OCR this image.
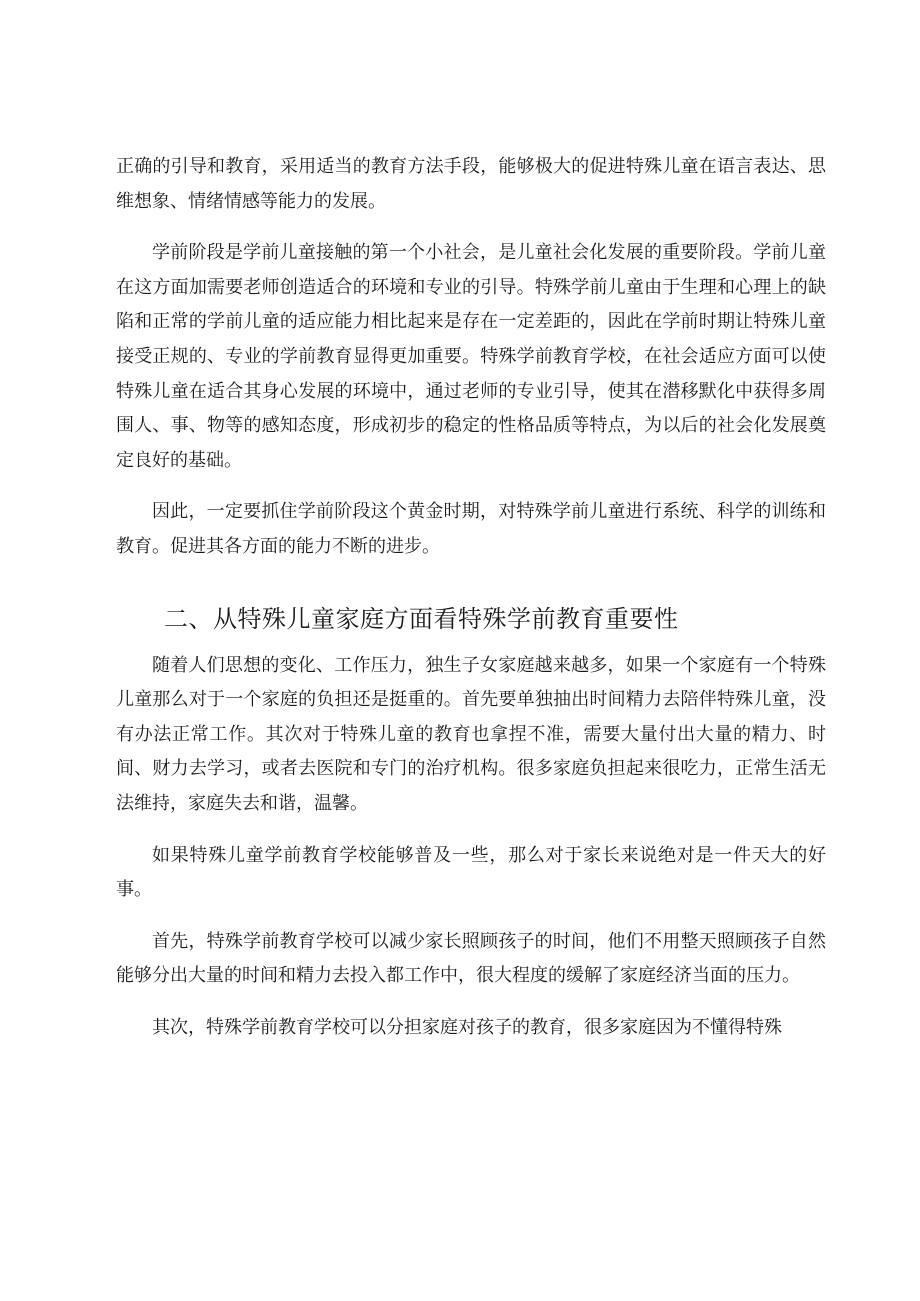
正确的引导和教育，采用适当的教育方法手段，能够极大的促进特殊儿童在语言表达、思维想象、情绪情感等能力的发展。

学前阶段是学前儿童接触的第一个小社会，是儿童社会化发展的重要阶段。学前儿童在这方面加需要老师创造适合的环境和专业的引导。特殊学前儿童由于生理和心理上的缺陷和正常的学前儿童的适应能力相比起来是存在一定差距的，因此在学前时期让特殊儿童接受正规的、专业的学前教育显得更加重要。特殊学前教育学校，在社会适应方面可以使特殊儿童在适合其身心发展的环境中，通过老师的专业引导，使其在潜移默化中获得多周围人、事、物等的感知态度，形成初步的稳定的性格品质等特点，为以后的社会化发展奠定良好的基础。

因此，一定要抓住学前阶段这个黄金时期，对特殊学前儿童进行系统、科学的训练和教育。促进其各方面的能力不断的进步。

二、从特殊儿童家庭方面看特殊学前教育重要性

随着人们思想的变化、工作压力，独生子女家庭越来越多，如果一个家庭有一个特殊儿童那么对于一个家庭的负担还是挺重的。首先要单独抽出时间精力去陪伴特殊儿童，没有办法正常工作。其次对于特殊儿童的教育也拿捏不准，需要大量付出大量的精力、时间、财力去学习，或者去医院和专门的治疗机构。很多家庭负担起来很吃力，正常生活无法维持，家庭失去和谐，温馨。

如果特殊儿童学前教育学校能够普及一些，那么对于家长来说绝对是一件天大的好事。

首先，特殊学前教育学校可以减少家长照顾孩子的时间，他们不用整天照顾孩子自然能够分出大量的时间和精力去投入都工作中，很大程度的缓解了家庭经济当面的压力。

其次，特殊学前教育学校可以分担家庭对孩子的教育，很多家庭因为不懂得特殊
